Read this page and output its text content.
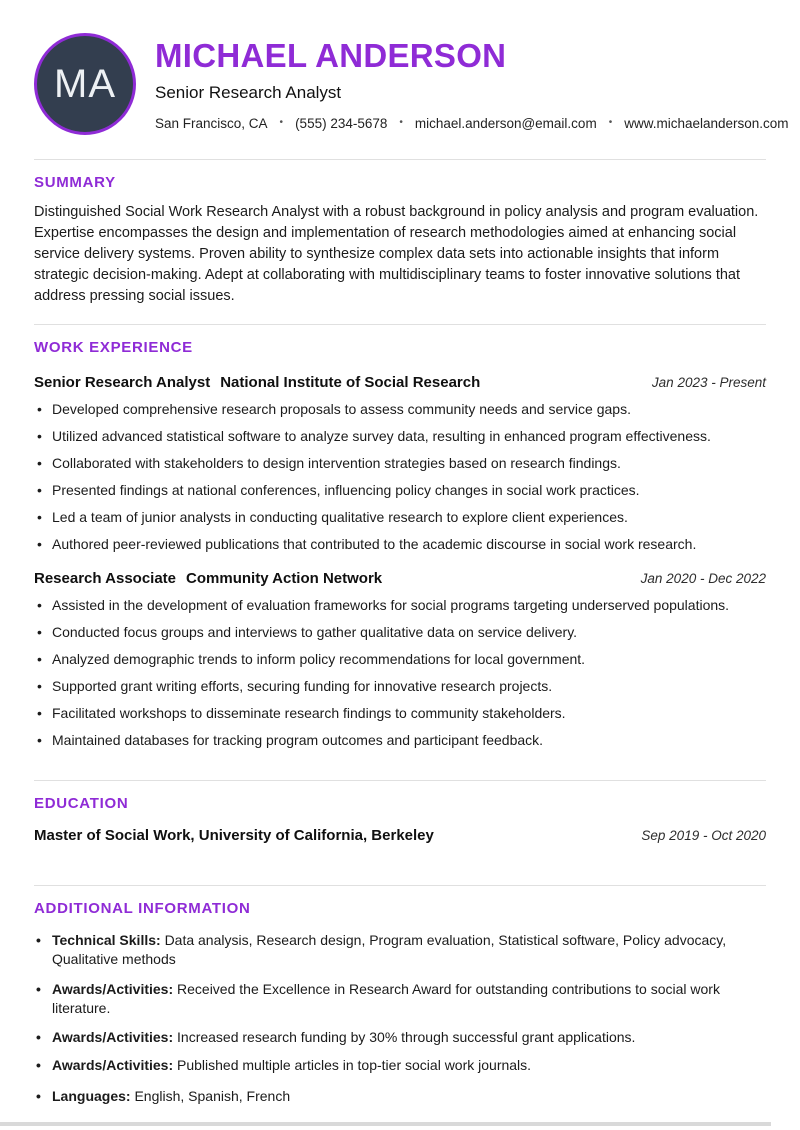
MA
MICHAEL ANDERSON
Senior Research Analyst
San Francisco, CA • (555) 234-5678 • michael.anderson@email.com • www.michaelanderson.com
SUMMARY

Distinguished Social Work Research Analyst with a robust background in policy analysis and program evaluation. Expertise encompasses the design and implementation of research methodologies aimed at enhancing social service delivery systems. Proven ability to synthesize complex data sets into actionable insights that inform strategic decision-making. Adept at collaborating with multidisciplinary teams to foster innovative solutions that address pressing social issues.

WORK EXPERIENCE
Senior Research Analyst National Institute of Social Research	Jan 2023 - Present
• Developed comprehensive research proposals to assess community needs and service gaps.
• Utilized advanced statistical software to analyze survey data, resulting in enhanced program effectiveness.
• Collaborated with stakeholders to design intervention strategies based on research findings.
• Presented findings at national conferences, influencing policy changes in social work practices.
• Led a team of junior analysts in conducting qualitative research to explore client experiences.
• Authored peer-reviewed publications that contributed to the academic discourse in social work research.
Research Associate Community Action Network	Jan 2020 - Dec 2022
• Assisted in the development of evaluation frameworks for social programs targeting underserved populations.
• Conducted focus groups and interviews to gather qualitative data on service delivery.
• Analyzed demographic trends to inform policy recommendations for local government.
• Supported grant writing efforts, securing funding for innovative research projects.
• Facilitated workshops to disseminate research findings to community stakeholders.
• Maintained databases for tracking program outcomes and participant feedback.
EDUCATION
Master of Social Work, University of California, Berkeley	Sep 2019 - Oct 2020
ADDITIONAL INFORMATION
• Technical Skills: Data analysis, Research design, Program evaluation, Statistical software, Policy advocacy, Qualitative methods
• Awards/Activities: Received the Excellence in Research Award for outstanding contributions to social work literature.
• Awards/Activities: Increased research funding by 30% through successful grant applications.
• Awards/Activities: Published multiple articles in top-tier social work journals.
• Languages: English, Spanish, French
